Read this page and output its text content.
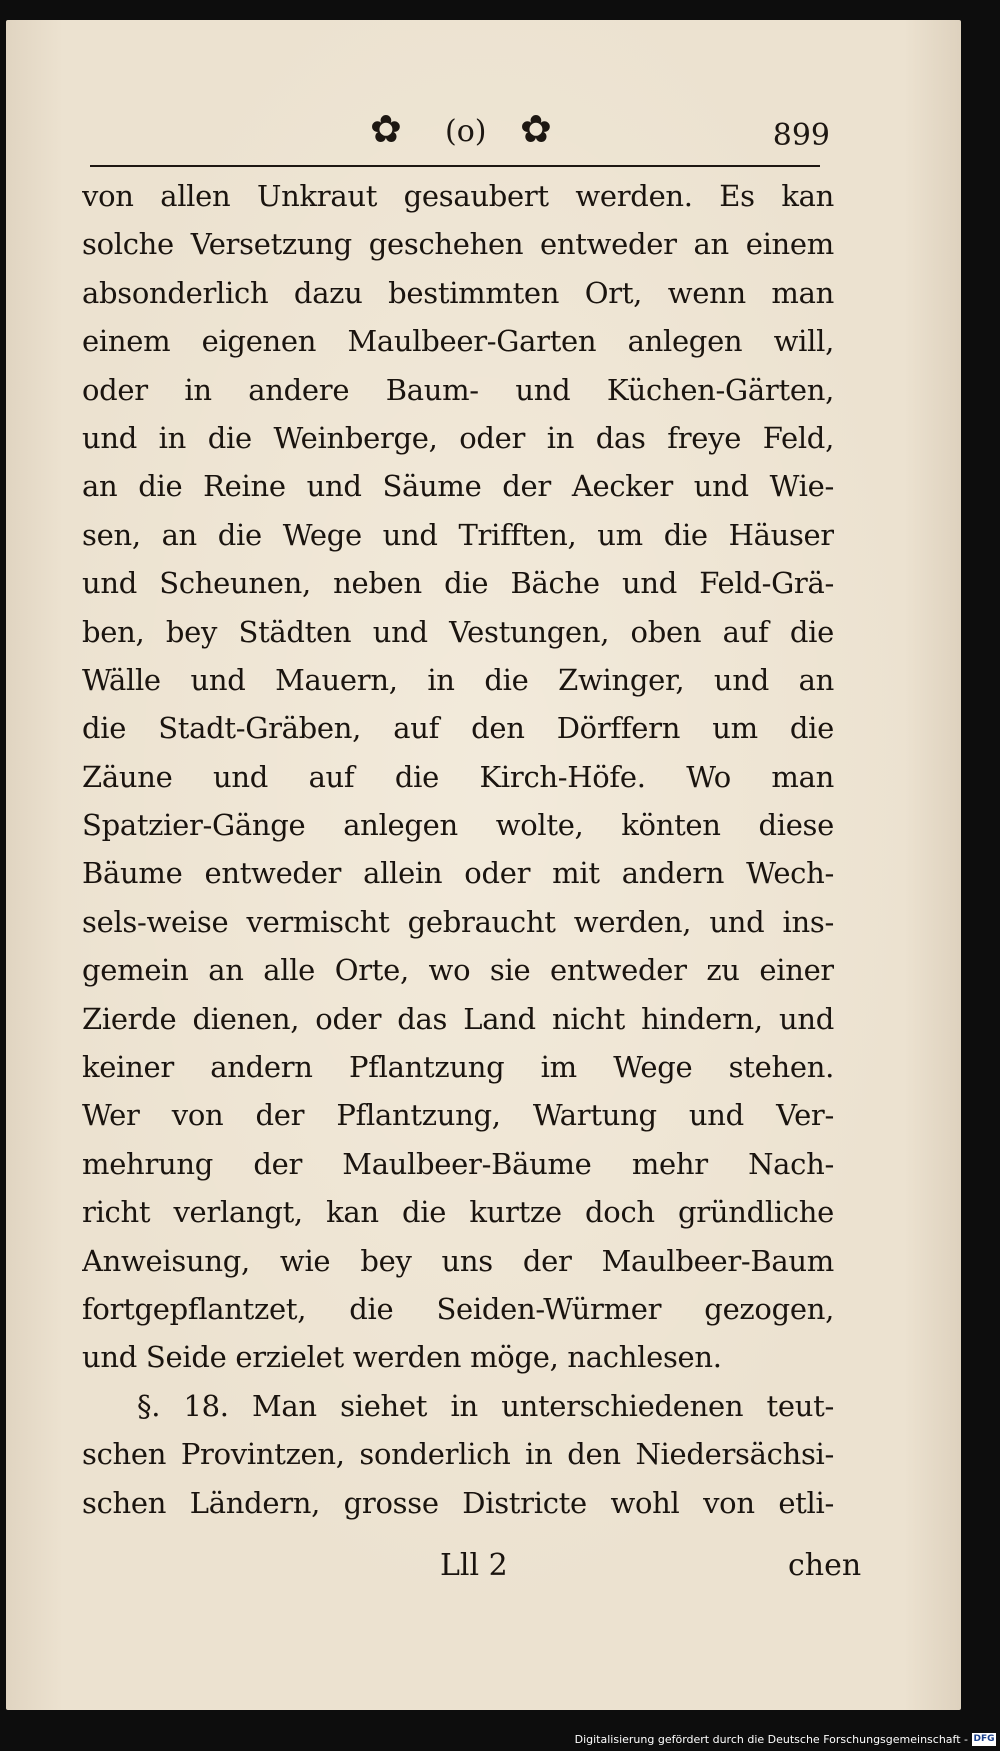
✿ (o) ✿	899
von allen Unkraut gesaubert werden. Es kan
solche Versetzung geschehen entweder an einem
absonderlich dazu bestimmten Ort, wenn man
einem eigenen Maulbeer-Garten anlegen will,
oder in andere Baum- und Küchen-Gärten,
und in die Weinberge, oder in das freye Feld,
an die Reine und Säume der Aecker und Wie-
sen, an die Wege und Trifften, um die Häuser
und Scheunen, neben die Bäche und Feld-Grä-
ben, bey Städten und Vestungen, oben auf die
Wälle und Mauern, in die Zwinger, und an
die Stadt-Gräben, auf den Dörffern um die
Zäune und auf die Kirch-Höfe. Wo man
Spatzier-Gänge anlegen wolte, könten diese
Bäume entweder allein oder mit andern Wech-
sels-weise vermischt gebraucht werden, und ins-
gemein an alle Orte, wo sie entweder zu einer
Zierde dienen, oder das Land nicht hindern, und
keiner andern Pflantzung im Wege stehen.
Wer von der Pflantzung, Wartung und Ver-
mehrung der Maulbeer-Bäume mehr Nach-
richt verlangt, kan die kurtze doch gründliche
Anweisung, wie bey uns der Maulbeer-Baum
fortgepflantzet, die Seiden-Würmer gezogen,
und Seide erzielet werden möge, nachlesen.
§. 18. Man siehet in unterschiedenen teut-
schen Provintzen, sonderlich in den Niedersächsi-
schen Ländern, grosse Districte wohl von etli-
Lll 2	chen
Digitalisierung gefördert durch die Deutsche Forschungsgemeinschaft - DFG
